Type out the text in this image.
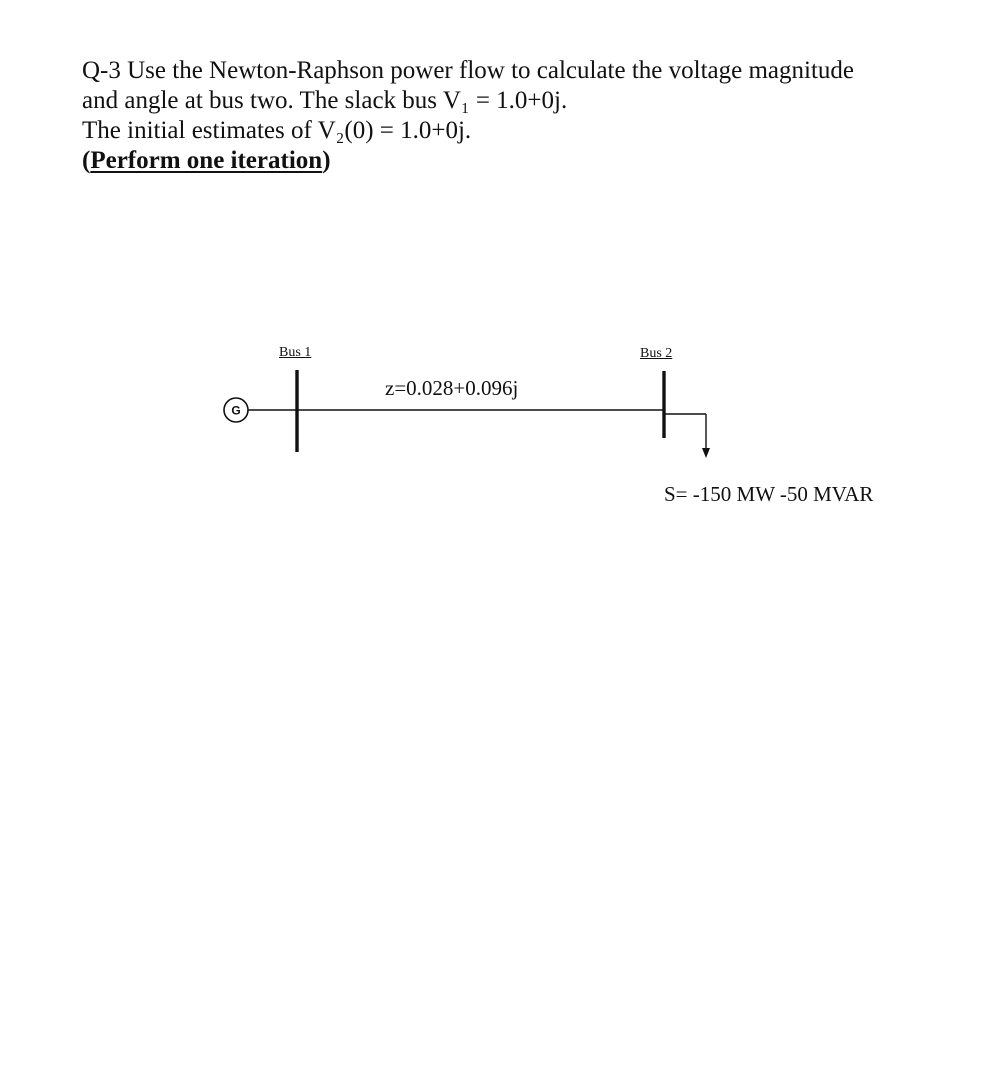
Q-3 Use the Newton-Raphson power flow to calculate the voltage magnitude
and angle at bus two. The slack bus V₁ = 1.0+0j.
The initial estimates of V₂(0) = 1.0+0j.
(Perform one iteration)
G
Bus 1	Bus 2
z=0.028+0.096j
S= -150 MW -50 MVAR
